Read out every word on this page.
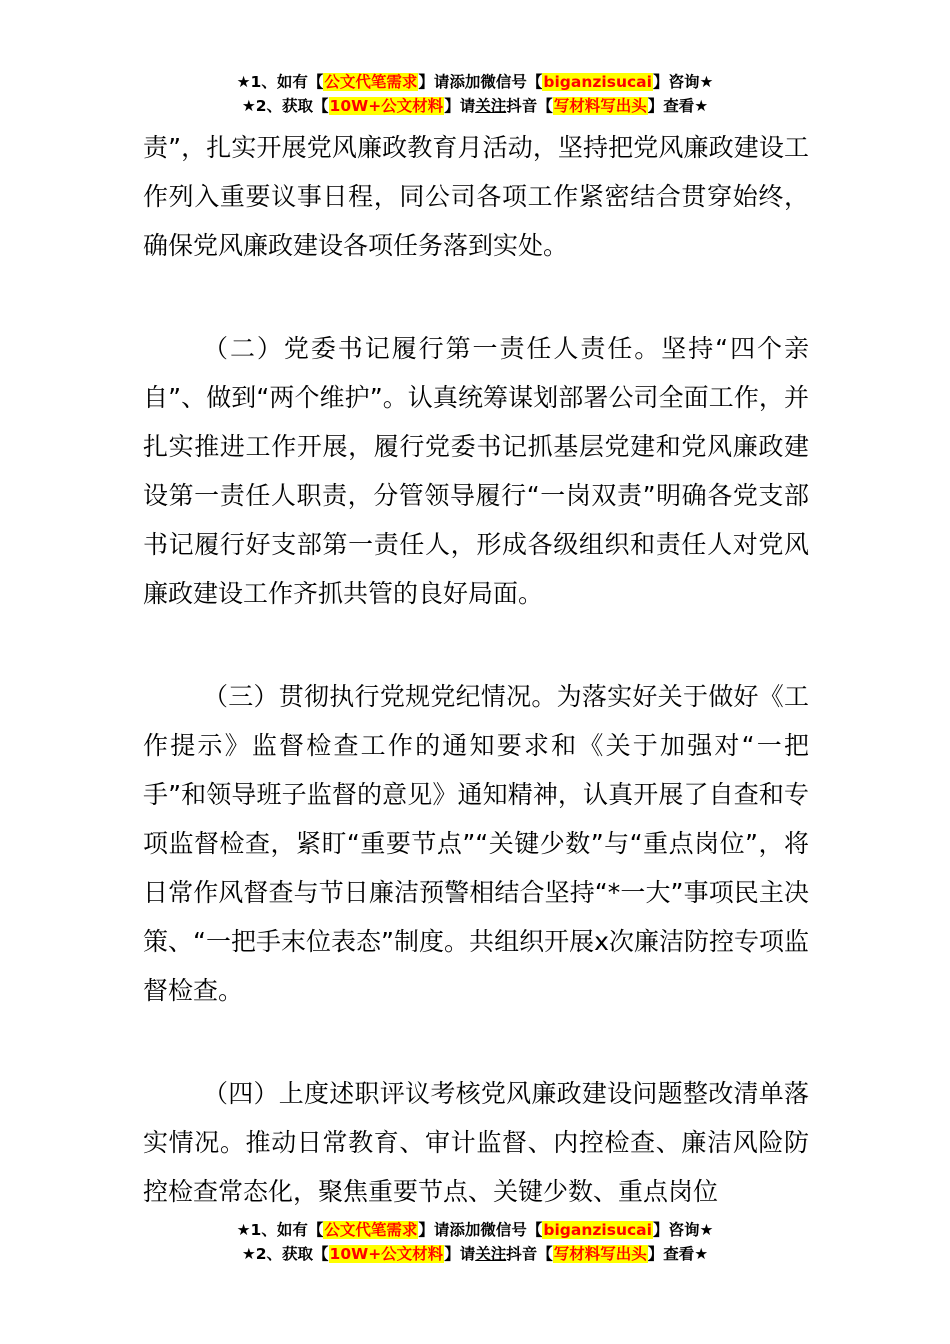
★1、如有【公文代笔需求】请添加微信号【biganzisucai】咨询★
★2、获取【10W+公文材料】请关注抖音【写材料写出头】查看★

责”，扎实开展党风廉政教育月活动，坚持把党风廉政建设工作列入重要议事日程，同公司各项工作紧密结合贯穿始终，确保党风廉政建设各项任务落到实处。

（二）党委书记履行第一责任人责任。坚持“四个亲自”、做到“两个维护”。认真统筹谋划部署公司全面工作，并扎实推进工作开展，履行党委书记抓基层党建和党风廉政建设第一责任人职责，分管领导履行“一岗双责”明确各党支部书记履行好支部第一责任人，形成各级组织和责任人对党风廉政建设工作齐抓共管的良好局面。

（三）贯彻执行党规党纪情况。为落实好关于做好《工作提示》监督检查工作的通知要求和《关于加强对“一把手”和领导班子监督的意见》通知精神，认真开展了自查和专项监督检查，紧盯“重要节点”“关键少数”与“重点岗位”，将日常作风督查与节日廉洁预警相结合坚持“*一大”事项民主决策、“一把手末位表态”制度。共组织开展x次廉洁防控专项监督检查。

（四）上度述职评议考核党风廉政建设问题整改清单落实情况。推动日常教育、审计监督、内控检查、廉洁风险防控检查常态化，聚焦重要节点、关键少数、重点岗位

★1、如有【公文代笔需求】请添加微信号【biganzisucai】咨询★
★2、获取【10W+公文材料】请关注抖音【写材料写出头】查看★
